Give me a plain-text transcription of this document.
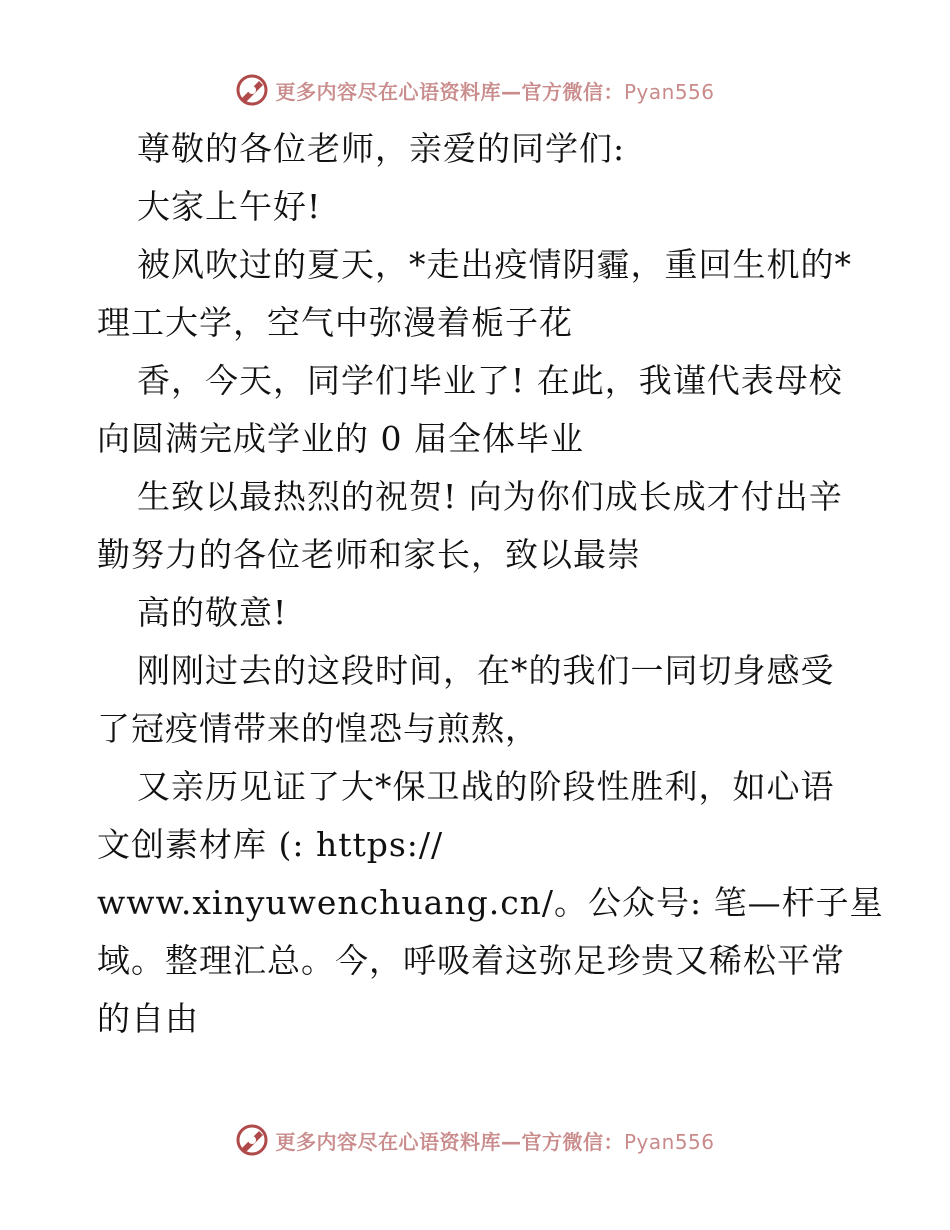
更多内容尽在心语资料库—官方微信：Pyan556
尊敬的各位老师，亲爱的同学们:
大家上午好!
被风吹过的夏天，*走出疫情阴霾，重回生机的*
理工大学，空气中弥漫着栀子花
香，今天，同学们毕业了! 在此，我谨代表母校
向圆满完成学业的 0 届全体毕业
生致以最热烈的祝贺! 向为你们成长成才付出辛
勤努力的各位老师和家长，致以最崇
高的敬意!
刚刚过去的这段时间，在*的我们一同切身感受
了冠疫情带来的惶恐与煎熬，
又亲历见证了大*保卫战的阶段性胜利，如心语
文创素材库 (: https://
www.xinyuwenchuang.cn/。公众号: 笔—杆子星
域。整理汇总。今，呼吸着这弥足珍贵又稀松平常
的自由
更多内容尽在心语资料库—官方微信：Pyan556
